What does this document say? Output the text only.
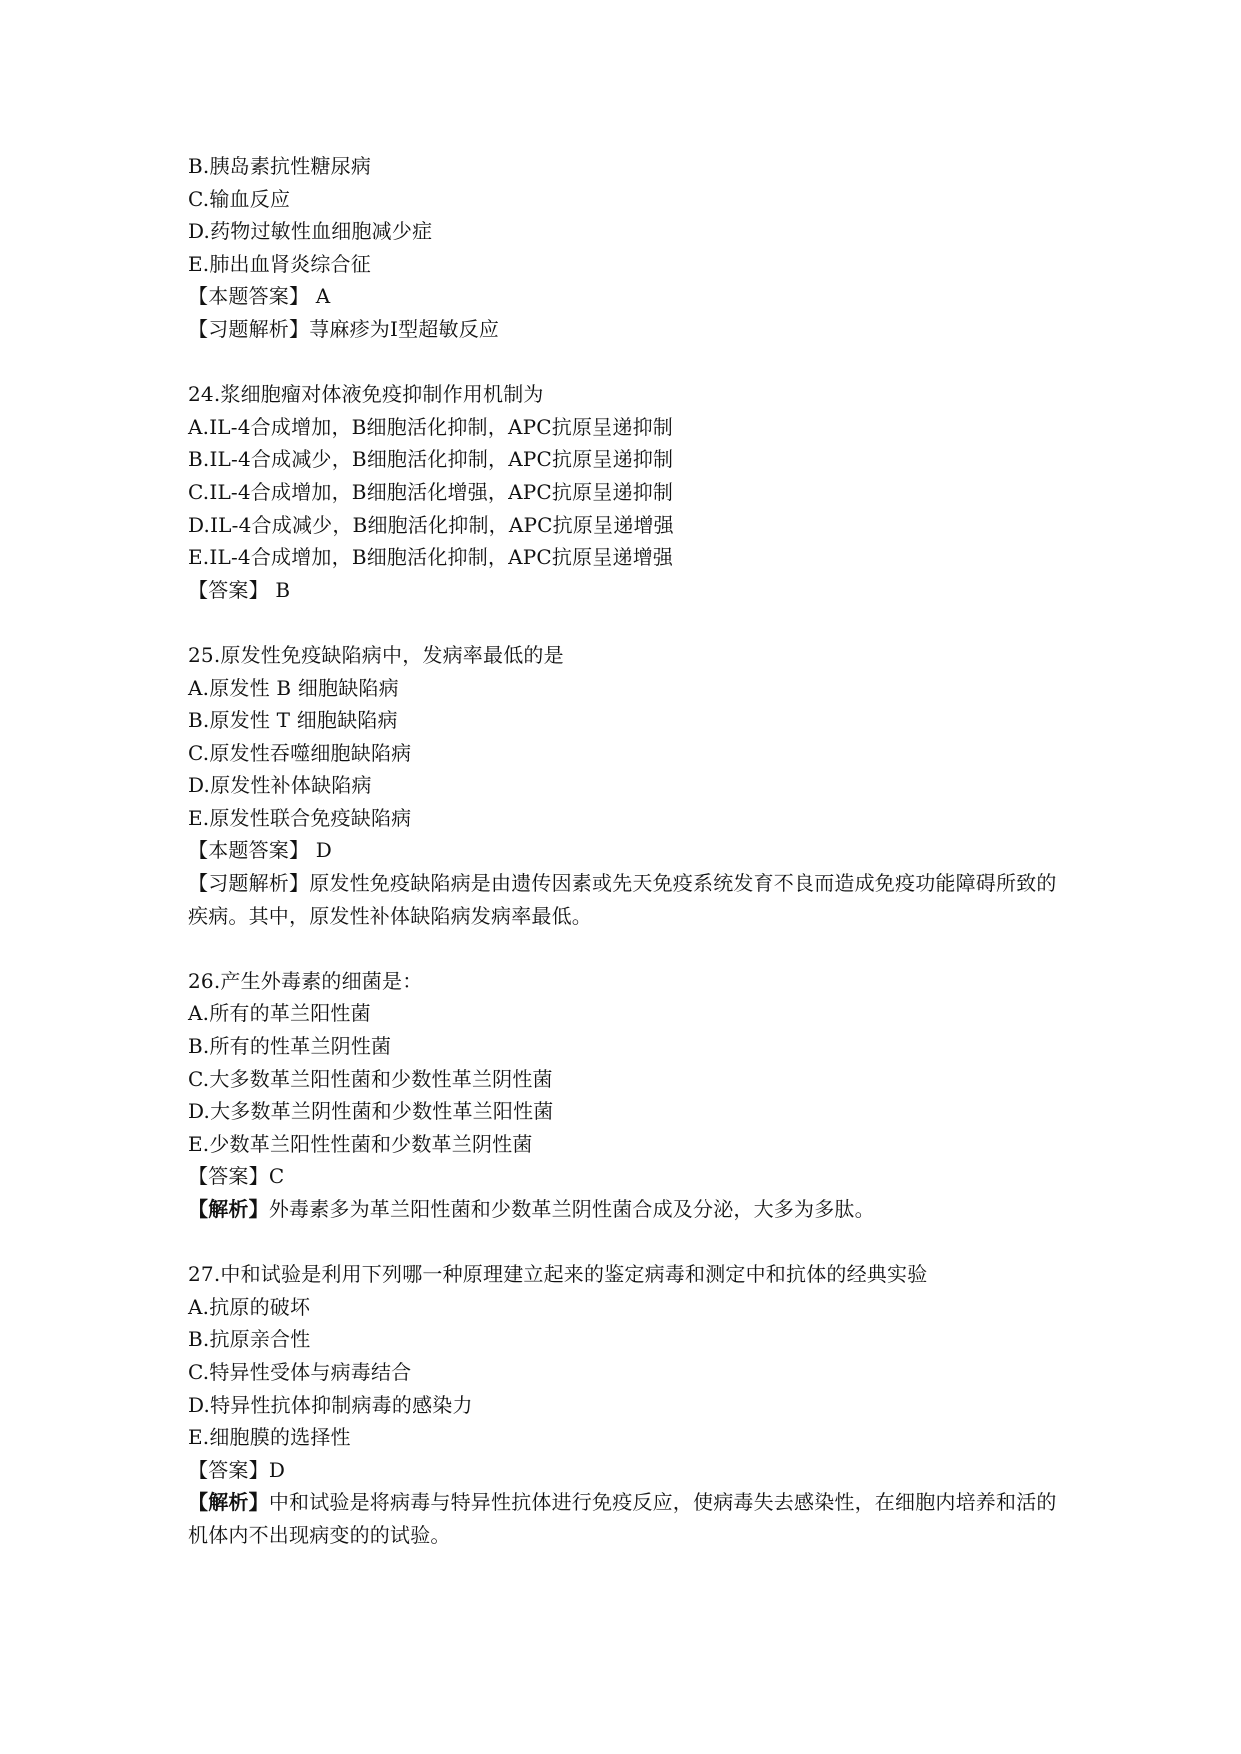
B.胰岛素抗性糖尿病
C.输血反应
D.药物过敏性血细胞减少症
E.肺出血肾炎综合征
【本题答案】 A
【习题解析】荨麻疹为Ⅰ型超敏反应
24.浆细胞瘤对体液免疫抑制作用机制为
A.IL-4合成增加，B细胞活化抑制，APC抗原呈递抑制
B.IL-4合成减少，B细胞活化抑制，APC抗原呈递抑制
C.IL-4合成增加，B细胞活化增强，APC抗原呈递抑制
D.IL-4合成减少，B细胞活化抑制，APC抗原呈递增强
E.IL-4合成增加，B细胞活化抑制，APC抗原呈递增强
【答案】 B
25.原发性免疫缺陷病中，发病率最低的是
A.原发性 B 细胞缺陷病
B.原发性 T 细胞缺陷病
C.原发性吞噬细胞缺陷病
D.原发性补体缺陷病
E.原发性联合免疫缺陷病
【本题答案】 D
【习题解析】原发性免疫缺陷病是由遗传因素或先天免疫系统发育不良而造成免疫功能障碍所致的疾病。其中，原发性补体缺陷病发病率最低。
26.产生外毒素的细菌是：
A.所有的革兰阳性菌
B.所有的性革兰阴性菌
C.大多数革兰阳性菌和少数性革兰阴性菌
D.大多数革兰阴性菌和少数性革兰阳性菌
E.少数革兰阳性性菌和少数革兰阴性菌
【答案】C
【解析】外毒素多为革兰阳性菌和少数革兰阴性菌合成及分泌，大多为多肽。
27.中和试验是利用下列哪一种原理建立起来的鉴定病毒和测定中和抗体的经典实验
A.抗原的破坏
B.抗原亲合性
C.特异性受体与病毒结合
D.特异性抗体抑制病毒的感染力
E.细胞膜的选择性
【答案】D
【解析】中和试验是将病毒与特异性抗体进行免疫反应，使病毒失去感染性，在细胞内培养和活的机体内不出现病变的的试验。
